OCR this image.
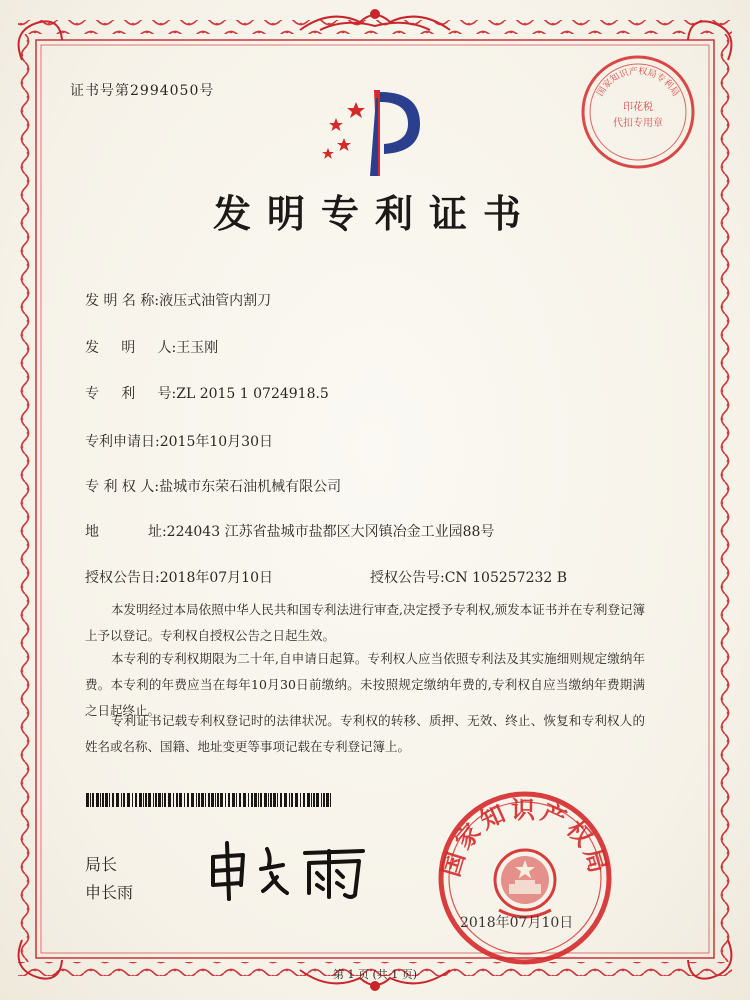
印花税
代扣专用章
国家知识产权局专利局
证书号第2994050号
发明专利证书
发 明 名 称:液压式油管内割刀
发     明     人:王玉刚
专     利     号:ZL 2015 1 0724918.5
专利申请日:2015年10月30日
专 利 权 人:盐城市东荣石油机械有限公司
地           址:224043 江苏省盐城市盐都区大冈镇冶金工业园88号
授权公告日:2018年07月10日	授权公告号:CN 105257232 B
本发明经过本局依照中华人民共和国专利法进行审查,决定授予专利权,颁发本证书并在专利登记簿上予以登记。专利权自授权公告之日起生效。
本专利的专利权期限为二十年,自申请日起算。专利权人应当依照专利法及其实施细则规定缴纳年费。本专利的年费应当在每年10月30日前缴纳。未按照规定缴纳年费的,专利权自应当缴纳年费期满之日起终止。
专利证书记载专利权登记时的法律状况。专利权的转移、质押、无效、终止、恢复和专利权人的姓名或名称、国籍、地址变更等事项记载在专利登记簿上。
局长
申长雨
国家知识产权局
2018年07月10日
第 1 页 (共 1 页)
